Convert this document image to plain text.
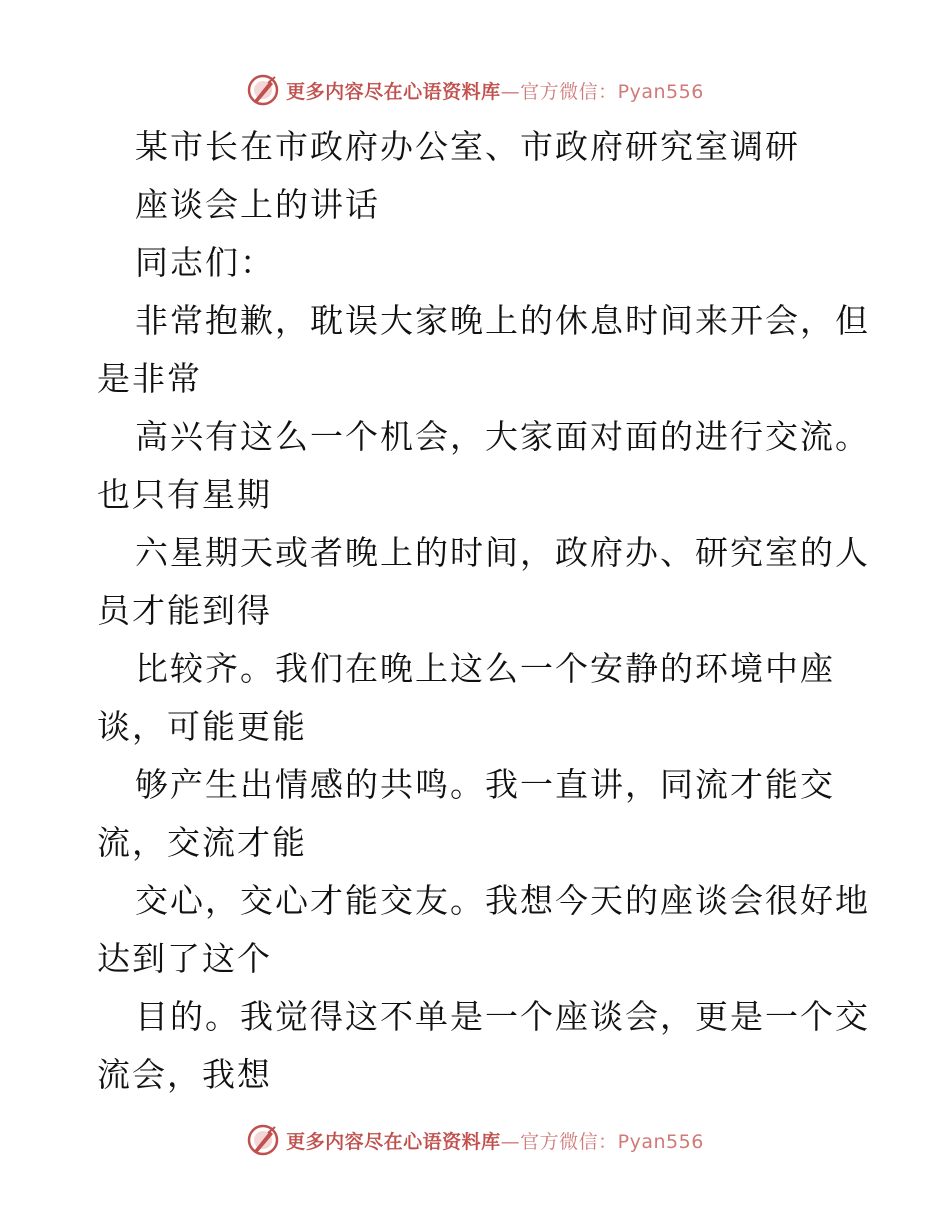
更多内容尽在心语资料库—官方微信：Pyan556
某市长在市政府办公室、市政府研究室调研
座谈会上的讲话
同志们：
非常抱歉，耽误大家晚上的休息时间来开会，但
是非常
高兴有这么一个机会，大家面对面的进行交流。
也只有星期
六星期天或者晚上的时间，政府办、研究室的人
员才能到得
比较齐。我们在晚上这么一个安静的环境中座
谈，可能更能
够产生出情感的共鸣。我一直讲，同流才能交
流，交流才能
交心，交心才能交友。我想今天的座谈会很好地
达到了这个
目的。我觉得这不单是一个座谈会，更是一个交
流会，我想
更多内容尽在心语资料库—官方微信：Pyan556
